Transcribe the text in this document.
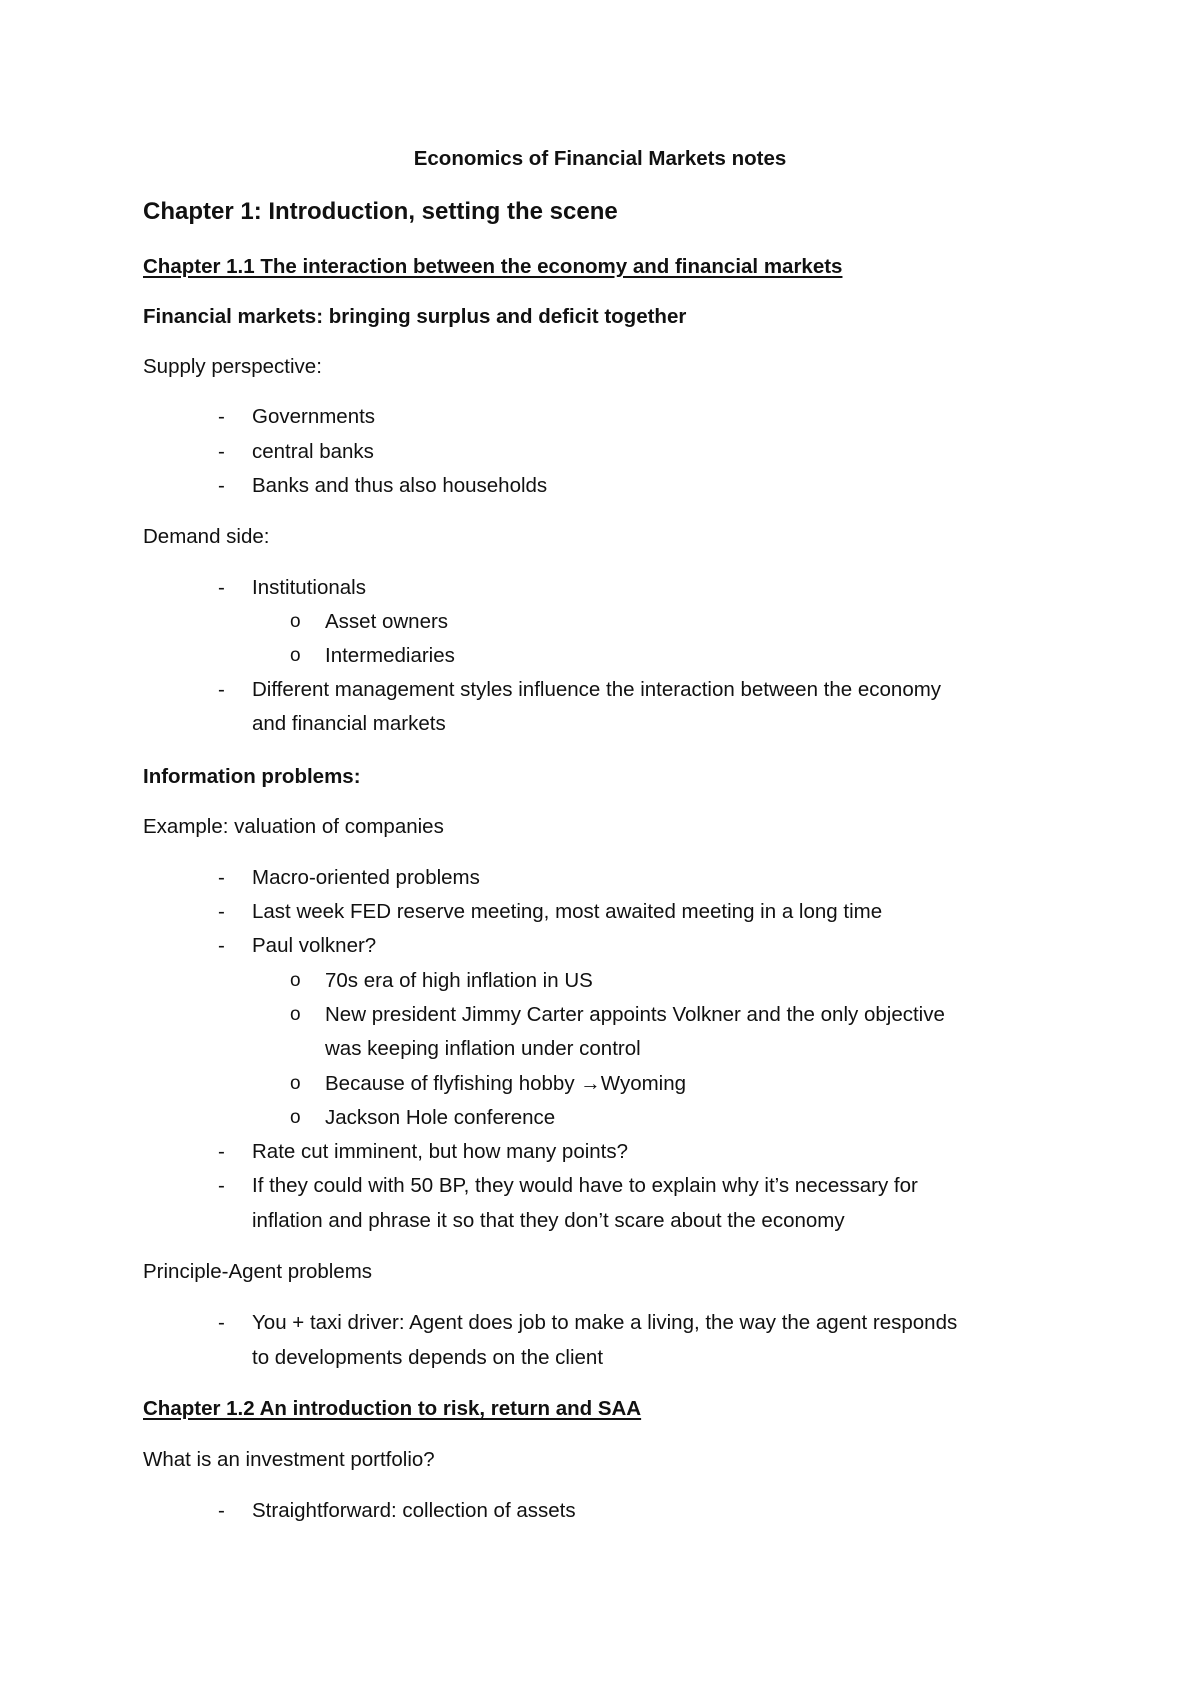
Economics of Financial Markets notes
Chapter 1: Introduction, setting the scene
Chapter 1.1 The interaction between the economy and financial markets
Financial markets: bringing surplus and deficit together
Supply perspective:
- Governments
- central banks
- Banks and thus also households
Demand side:
- Institutionals
o Asset owners
o Intermediaries
- Different management styles influence the interaction between the economy
and financial markets
Information problems:
Example: valuation of companies
- Macro-oriented problems
- Last week FED reserve meeting, most awaited meeting in a long time
- Paul volkner?
o 70s era of high inflation in US
o New president Jimmy Carter appoints Volkner and the only objective
was keeping inflation under control
o Because of flyfishing hobby →Wyoming
o Jackson Hole conference
- Rate cut imminent, but how many points?
- If they could with 50 BP, they would have to explain why it’s necessary for
inflation and phrase it so that they don’t scare about the economy
Principle-Agent problems
- You + taxi driver: Agent does job to make a living, the way the agent responds
to developments depends on the client
Chapter 1.2 An introduction to risk, return and SAA
What is an investment portfolio?
- Straightforward: collection of assets
